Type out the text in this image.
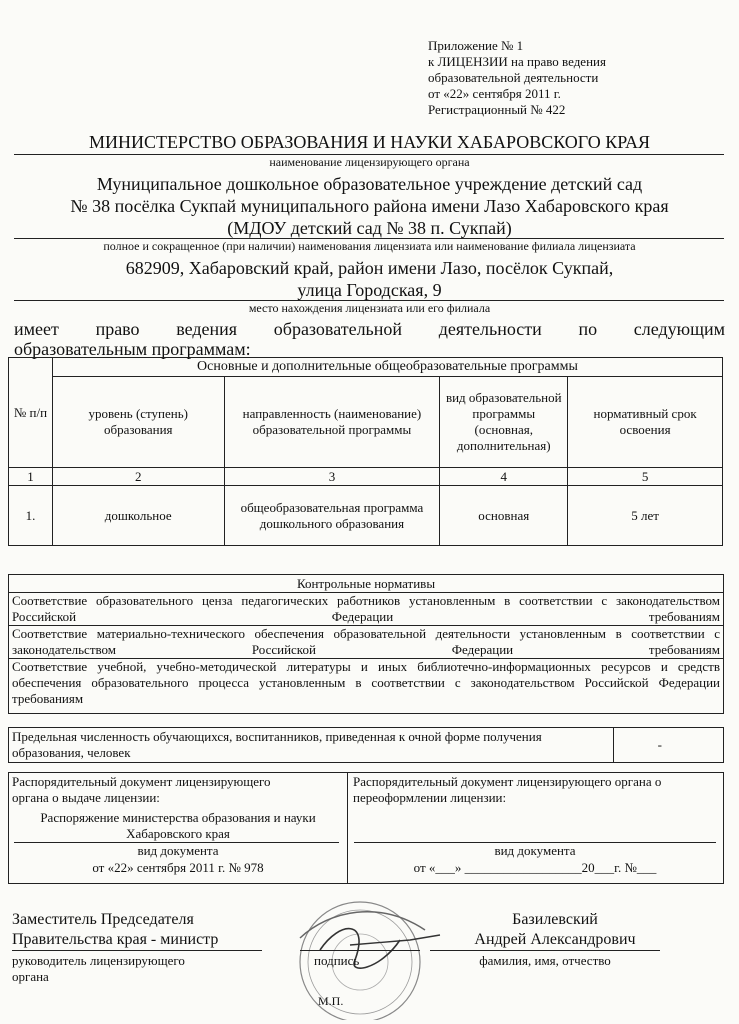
Приложение № 1
к ЛИЦЕНЗИИ на право ведения
образовательной деятельности
от «22» сентября 2011 г.
Регистрационный № 422
МИНИСТЕРСТВО ОБРАЗОВАНИЯ И НАУКИ ХАБАРОВСКОГО КРАЯ
наименование лицензирующего органа
Муниципальное дошкольное образовательное учреждение детский сад
№ 38 посёлка Сукпай муниципального района имени Лазо Хабаровского края
(МДОУ детский сад № 38 п. Сукпай)
полное и сокращенное (при наличии) наименования лицензиата или наименование филиала лицензиата
682909, Хабаровский край, район имени Лазо, посёлок Сукпай,
улица Городская, 9
место нахождения лицензиата или его филиала
имеет право ведения образовательной деятельности по следующим
образовательным программам:
№ п/п	Основные и дополнительные общеобразовательные программы			
	уровень (ступень) образования	направленность (наименование) образовательной программы	вид образовательной программы (основная, дополнительная)	нормативный срок освоения
1	2	3	4	5
1.	дошкольное	общеобразовательная программа дошкольного образования	основная	5 лет
Контрольные нормативы
Соответствие образовательного ценза педагогических работников установленным в соответствии с законодательством Российской Федерации требованиям
Соответствие материально-технического обеспечения образовательной деятельности установленным в соответствии с законодательством Российской Федерации требованиям
Соответствие учебной, учебно-методической литературы и иных библиотечно-информационных ресурсов и средств обеспечения образовательного процесса установленным в соответствии с законодательством Российской Федерации требованиям
Предельная численность обучающихся, воспитанников, приведенная к очной форме получения образования, человек
-
Распорядительный документ лицензирующего органа о выдаче лицензии:
Распоряжение министерства образования и науки
Хабаровского края
вид документа
от «22» сентября 2011 г. № 978
Распорядительный документ лицензирующего органа о переоформлении лицензии:
вид документа
от «___» __________________20___г. №___
Заместитель Председателя
Правительства края - министр
руководитель лицензирующего органа
подпись
М.П.
Базилевский
Андрей Александрович
фамилия, имя, отчество
